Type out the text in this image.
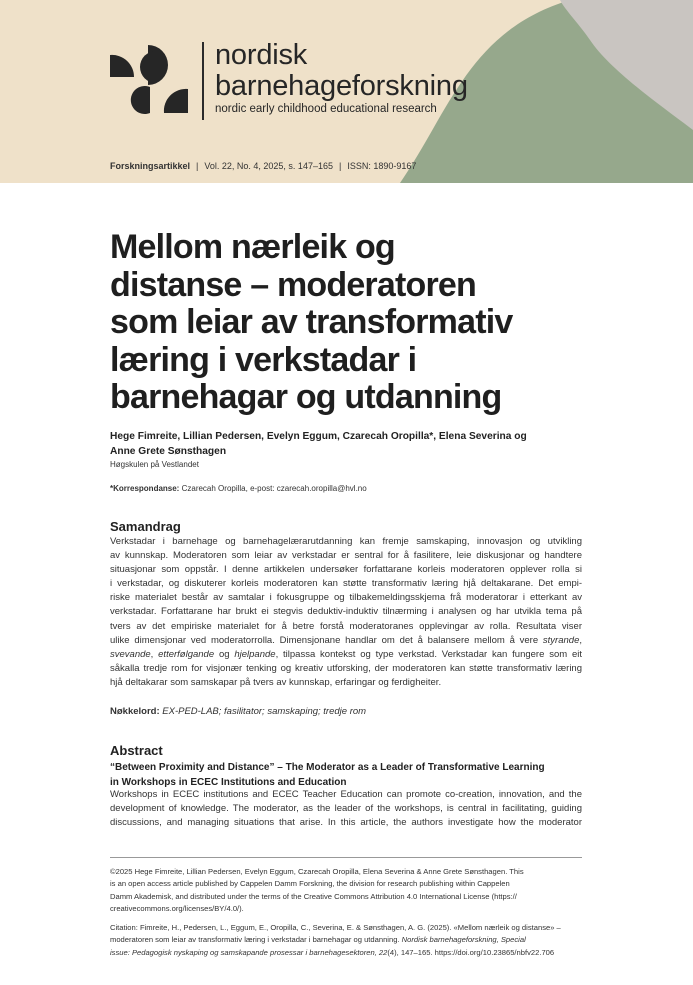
nordisk
barnehageforskning
nordic early childhood educational research
Forskningsartikkel | Vol. 22, No. 4, 2025, s. 147–165 | ISSN: 1890-9167
Mellom nærleik og
distanse – moderatoren
som leiar av transformativ
læring i verkstadar i
barnehagar og utdanning
Hege Fimreite, Lillian Pedersen, Evelyn Eggum, Czarecah Oropilla*, Elena Severina og
Anne Grete Sønsthagen
Høgskulen på Vestlandet
*Korrespondanse: Czarecah Oropilla, e-post: czarecah.oropilla@hvl.no
Samandrag
Verkstadar i barnehage og barnehagelærarutdanning kan fremje samskaping, innovasjon og utvikling
av kunnskap. Moderatoren som leiar av verkstadar er sentral for å fasilitere, leie diskusjonar og handtere
situasjonar som oppstår. I denne artikkelen undersøker forfattarane korleis moderatoren opplever rolla si
i verkstadar, og diskuterer korleis moderatoren kan støtte transformativ læring hjå deltakarane. Det empi-
riske materialet består av samtalar i fokusgruppe og tilbakemeldingsskjema frå moderatorar i etterkant av
verkstadar. Forfattarane har brukt ei stegvis deduktiv-induktiv tilnærming i analysen og har utvikla tema på
tvers av det empiriske materialet for å betre forstå moderatoranes opplevingar av rolla. Resultata viser
ulike dimensjonar ved moderatorrolla. Dimensjonane handlar om det å balansere mellom å vere styrande,
svevande, etterfølgande og hjelpande, tilpassa kontekst og type verkstad. Verkstadar kan fungere som eit
såkalla tredje rom for visjonær tenking og kreativ utforsking, der moderatoren kan støtte transformativ læring
hjå deltakarar som samskapar på tvers av kunnskap, erfaringar og ferdigheiter.
Nøkkelord: EX-PED-LAB; fasilitator; samskaping; tredje rom
Abstract
“Between Proximity and Distance” – The Moderator as a Leader of Transformative Learning
in Workshops in ECEC Institutions and Education
Workshops in ECEC institutions and ECEC Teacher Education can promote co-creation, innovation, and the
development of knowledge. The moderator, as the leader of the workshops, is central in facilitating, guiding
discussions, and managing situations that arise. In this article, the authors investigate how the moderator
©2025 Hege Fimreite, Lillian Pedersen, Evelyn Eggum, Czarecah Oropilla, Elena Severina & Anne Grete Sønsthagen. This
is an open access article published by Cappelen Damm Forskning, the division for research publishing within Cappelen
Damm Akademisk, and distributed under the terms of the Creative Commons Attribution 4.0 International License (https://
creativecommons.org/licenses/BY/4.0/).
Citation: Fimreite, H., Pedersen, L., Eggum, E., Oropilla, C., Severina, E. & Sønsthagen, A. G. (2025). «Mellom nærleik og distanse» –
moderatoren som leiar av transformativ læring i verkstadar i barnehagar og utdanning. Nordisk barnehageforskning, Special
issue: Pedagogisk nyskaping og samskapande prosessar i barnehagesektoren, 22(4), 147–165. https://doi.org/10.23865/nbfv22.706
